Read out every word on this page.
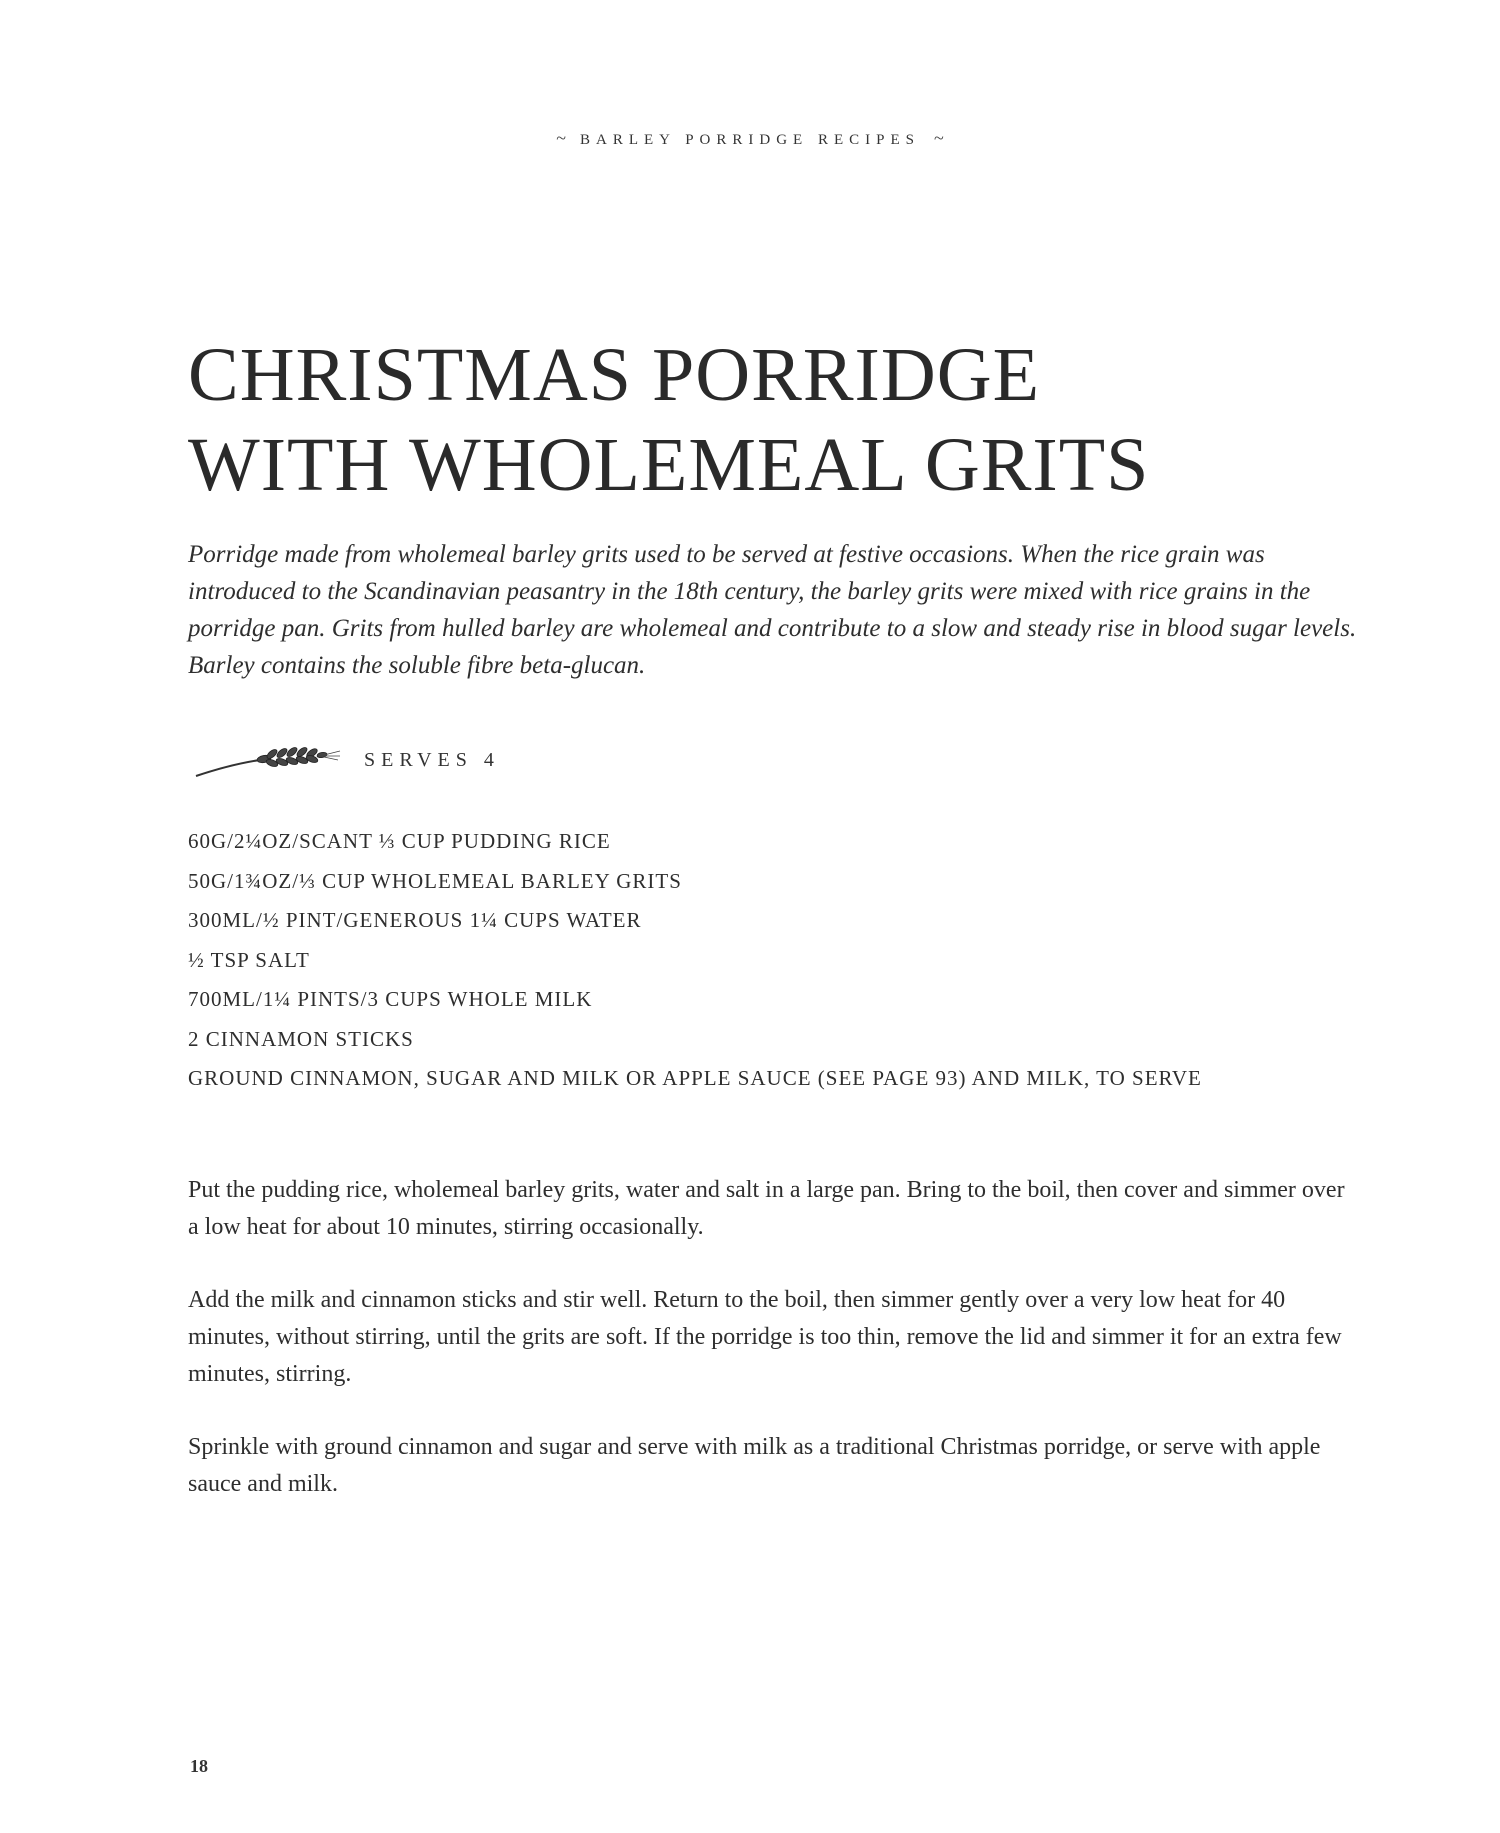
~ BARLEY PORRIDGE RECIPES ~
CHRISTMAS PORRIDGE
WITH WHOLEMEAL GRITS

Porridge made from wholemeal barley grits used to be served at festive occasions. When the rice grain was introduced to the Scandinavian peasantry in the 18th century, the barley grits were mixed with rice grains in the porridge pan. Grits from hulled barley are wholemeal and contribute to a slow and steady rise in blood sugar levels. Barley contains the soluble fibre beta-glucan.

SERVES 4
60G/2¼OZ/SCANT ⅓ CUP PUDDING RICE
50G/1¾OZ/⅓ CUP WHOLEMEAL BARLEY GRITS
300ML/½ PINT/GENEROUS 1¼ CUPS WATER
½ TSP SALT
700ML/1¼ PINTS/3 CUPS WHOLE MILK
2 CINNAMON STICKS
GROUND CINNAMON, SUGAR AND MILK OR APPLE SAUCE (SEE PAGE 93) AND MILK, TO SERVE

Put the pudding rice, wholemeal barley grits, water and salt in a large pan. Bring to the boil, then cover and simmer over a low heat for about 10 minutes, stirring occasionally.

Add the milk and cinnamon sticks and stir well. Return to the boil, then simmer gently over a very low heat for 40 minutes, without stirring, until the grits are soft. If the porridge is too thin, remove the lid and simmer it for an extra few minutes, stirring.

Sprinkle with ground cinnamon and sugar and serve with milk as a traditional Christmas porridge, or serve with apple sauce and milk.

18
